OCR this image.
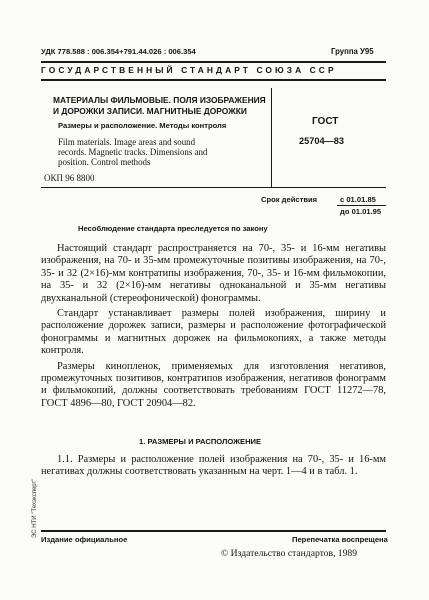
УДК 778.588 : 006.354+791.44.026 : 006.354	Группа У95
ГОСУДАРСТВЕННЫЙ СТАНДАРТ СОЮЗА ССР
МАТЕРИАЛЫ ФИЛЬМОВЫЕ. ПОЛЯ ИЗОБРАЖЕНИЯ
И ДОРОЖКИ ЗАПИСИ. МАГНИТНЫЕ ДОРОЖКИ
Размеры и расположение. Методы контроля
Film materials. Image areas and sound
records. Magnetic tracks. Dimensions and
position. Control methods
ОКП 96 8800
ГОСТ
25704—83
Срок действия	с 01.01.85
до 01.01.95
Несоблюдение стандарта преследуется по закону
Настоящий стандарт распространяется на 70-, 35- и 16-мм негативы изображения, на 70- и 35-мм промежуточные позитивы изображения, на 70-, 35- и 32 (2×16)-мм контратипы изображения, 70-, 35- и 16-мм фильмокопии, на 35- и 32 (2×16)-мм негативы одноканальной и 35-мм негативы двухканальной (стереофонической) фонограммы.
Стандарт устанавливает размеры полей изображения, ширину и расположение дорожек записи, размеры и расположение фотографической фонограммы и магнитных дорожек на фильмокопиях, а также методы контроля.
Размеры кинопленок, применяемых для изготовления негативов, промежуточных позитивов, контратипов изображения, негативов фонограмм и фильмокопий, должны соответствовать требованиям ГОСТ 11272—78, ГОСТ 4896—80, ГОСТ 20904—82.
1. РАЗМЕРЫ И РАСПОЛОЖЕНИЕ
1.1. Размеры и расположение полей изображения на 70-, 35- и 16-мм негативах должны соответствовать указанным на черт. 1—4 и в табл. 1.
Издание официальное	Перепечатка воспрещена
© Издательство стандартов, 1989
ЭС НТИ "Техэксперт"
